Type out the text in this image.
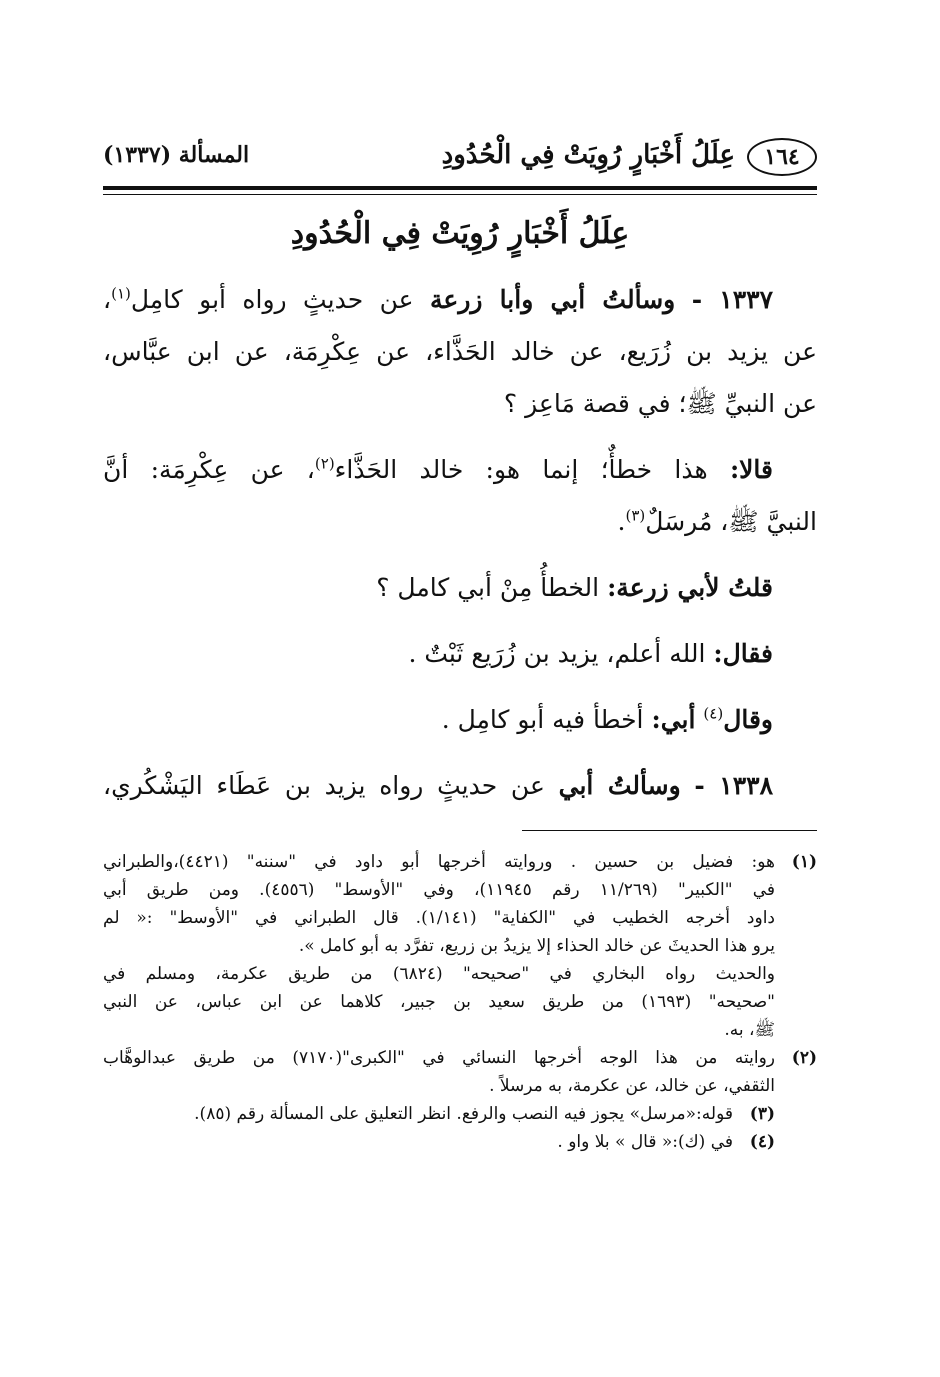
١٦٤
عِلَلُ أَخْبَارٍ رُوِيَتْ فِي الْحُدُودِ
المسألة (١٣٣٧)
عِلَلُ أَخْبَارٍ رُوِيَتْ فِي الْحُدُودِ
١٣٣٧ - وسألتُ أبي وأبا زرعة عن حديثٍ رواه أبو كامِل$^{(١)}$،
عن يزيد بن زُرَيع، عن خالد الحَذَّاء، عن عِكْرِمَة، عن ابن عبَّاس،
عن النبيِّ ﷺ؛ في قصة مَاعِز ؟
قالا: هذا خطأٌ؛ إنما هو: خالد الحَذَّاء$^{(٢)}$، عن عِكْرِمَة: أنَّ
النبيَّ ﷺ، مُرسَلٌ$^{(٣)}$.
قلتُ لأبي زرعة: الخطأُ مِنْ أبي كامل ؟
فقال: الله أعلم، يزيد بن زُرَيع ثَبْتٌ .
وقال$^{(٤)}$ أبي: أخطأ فيه أبو كامِل .
١٣٣٨ - وسألتُ أبي عن حديثٍ رواه يزيد بن عَطَاء اليَشْكُري،
(١)
هو: فضيل بن حسين . وروايته أخرجها أبو داود في "سننه" (٤٤٢١)،والطبراني
في "الكبير" (١١/٢٦٩ رقم ١١٩٤٥)، وفي "الأوسط" (٤٥٥٦). ومن طريق أبي
داود أخرجه الخطيب في "الكفاية" (١/١٤١). قال الطبراني في "الأوسط" :« لم
يرو هذا الحديثَ عن خالد الحذاء إلا يزيدُ بن زريع، تفرَّد به أبو كامل ».
والحديث رواه البخاري في "صحيحه" (٦٨٢٤) من طريق عكرمة، ومسلم في
"صحيحه" (١٦٩٣) من طريق سعيد بن جبير، كلاهما عن ابن عباس، عن النبي
ﷺ، به.
(٢)
روايته من هذا الوجه أخرجها النسائي في "الكبرى"(٧١٧٠) من طريق عبدالوهَّاب
الثقفي، عن خالد، عن عكرمة، به مرسلاً .
(٣)
قوله:«مرسل» يجوز فيه النصب والرفع. انظر التعليق على المسألة رقم (٨٥).
(٤)
في (ك):« قال » بلا واو .
